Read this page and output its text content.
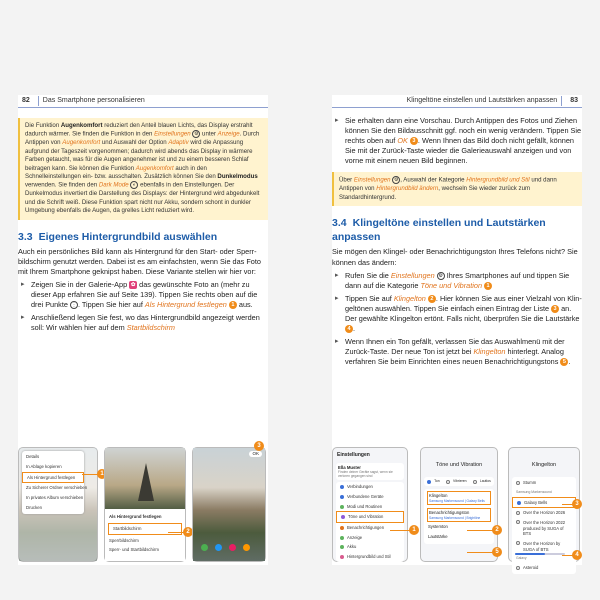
82	Das Smartphone personalisieren
Die Funktion Augenkomfort reduziert den Anteil blauen Lichts, das Display erstrahlt dadurch wärmer. Sie finden die Funktion in den Einstellungen ⚙ unter Anzeige. Durch Antippen von Augenkomfort und Auswahl der Option Adaptiv wird die Anpassung aufgrund der Tageszeit vorgenommen; dadurch wird abends das Display in wärmere Farben getaucht, was für die Augen angenehmer ist und zu einem besseren Schlaf beitragen kann. Sie können die Funktion Augenkomfort auch in den Schnelleinstellungen ein- bzw. ausschalten. Zusätzlich können Sie den Dunkelmodus verwenden. Sie finden den Dark Mode ◐ ebenfalls in den Einstellungen. Der Dunkelmodus invertiert die Darstellung des Displays: der Hintergrund wird abgedunkelt und die Schrift weiß. Diese Funktion spart nicht nur Akku, sondern schont in dunkler Umgebung ebenfalls die Augen, da grelles Licht reduziert wird.
3.3 Eigenes Hintergrundbild auswählen

Auch ein persönliches Bild kann als Hintergrund für den Start- oder Sperrbildschirm genutzt werden. Dabei ist es am einfachsten, wenn Sie das Foto mit Ihrem Smartphone geknipst haben. Diese Variante stellen wir hier vor:

▸ Zeigen Sie in der Galerie-App ✿ das gewünschte Foto an (mehr zu dieser App erfahren Sie auf Seite 139). Tippen Sie rechts oben auf die drei Punkte ⋮ . Tippen Sie hier auf Als Hintergrund festlegen 1 aus.
▸ Anschließend legen Sie fest, wo das Hintergrundbild angezeigt werden soll: Wir wählen hier auf dem Startbildschirm
Details
In Ablage kopieren
Als Hintergrund festlegen
Zu Sicherer Ordner verschieben
In privates Album verschieben
Drucken
1
Als Hintergrund festlegen
Startbildschirm
Sperrbildschirm
Sperr- und Startbildschirm
2
OK
3
Klingeltöne einstellen und Lautstärken anpassen	83
▸ Sie erhalten dann eine Vorschau. Durch Antippen des Fotos und Ziehen können Sie den Bildausschnitt ggf. noch ein wenig verändern. Tippen Sie rechts oben auf OK 3 . Wenn Ihnen das Bild doch nicht gefällt, können Sie mit der Zurück-Taste wieder die Galerieauswahl anzeigen und von vorne mit einem neuen Bild beginnen.
Über Einstellungen ⚙ , Auswahl der Kategorie Hintergrundbild und Stil und dann Antippen von Hintergrundbild ändern, wechseln Sie wieder zurück zum Standardhintergrund.
3.4 Klingeltöne einstellen und Lautstärken anpassen

Sie mögen den Klingel- oder Benachrichtigungston Ihres Telefons nicht? Sie können das ändern:

▸ Rufen Sie die Einstellungen ⚙ Ihres Smartphones auf und tippen Sie dann auf die Kategorie Töne und Vibration 1
▸ Tippen Sie auf Klingelton 2 . Hier können Sie aus einer Vielzahl von Klingeltönen auswählen. Tippen Sie einfach einen Eintrag der Liste 3 an. Der gewählte Klingelton ertönt. Falls nicht, überprüfen Sie die Lautstärke 4 .
▸ Wenn Ihnen ein Ton gefällt, verlassen Sie das Auswahlmenü mit der Zurück-Taste. Der neue Ton ist jetzt bei Klingelton hinterlegt. Analog verfahren Sie beim Einrichten eines neuen Benachrichtigungstons 5 .
Einstellungen
Ella Muster
Finden deiner Geräte sagst, wenn sie verloren gegangen sind
Verbindungen
Verbundene Geräte
Modi und Routinen
Töne und Vibration
Benachrichtigungen
Anzeige
Akku
Hintergrundbild und Stil
1
Töne und Vibration
Ton	Vibrieren	Lautlos
Klingelton
Samsung Markensound | Galaxy Bells
Benachrichtigungston
Samsung Markensound | Brightline
Systemton
Lautstärke
2
5
Klingelton
Stumm
Samsung Markensound
Galaxy Bells
Over the Horizon 2026
Over the Horizon 2022 produced by SUGA of BTS
Over the Horizon by SUGA of BTS
Galaxy
Asteroid
3
4
